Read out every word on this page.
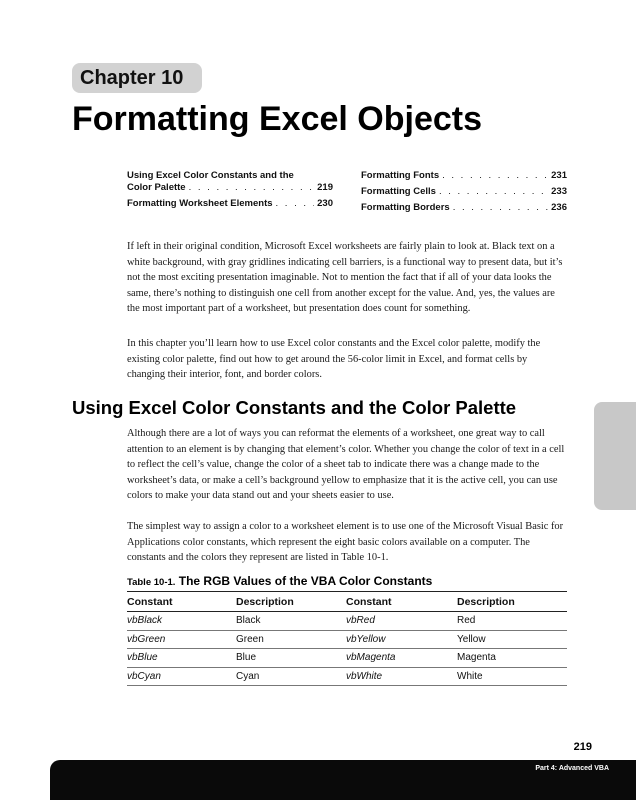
Chapter 10
Formatting Excel Objects
Using Excel Color Constants and the
Color Palette . . .	219
Formatting Worksheet Elements . . .	230
Formatting Fonts . . .	231
Formatting Cells . . .	233
Formatting Borders . . .	236

If left in their original condition, Microsoft Excel worksheets are fairly plain to look at. Black text on a white background, with gray gridlines indicating cell barriers, is a functional way to present data, but it’s not the most exciting presentation imaginable. Not to mention the fact that if all of your data looks the same, there’s nothing to distinguish one cell from another except for the value. And, yes, the values are the most important part of a worksheet, but presentation does count for something.

In this chapter you’ll learn how to use Excel color constants and the Excel color palette, modify the existing color palette, find out how to get around the 56-color limit in Excel, and format cells by changing their interior, font, and border colors.

Using Excel Color Constants and the Color Palette

Although there are a lot of ways you can reformat the elements of a worksheet, one great way to call attention to an element is by changing that element’s color. Whether you change the color of text in a cell to reflect the cell’s value, change the color of a sheet tab to indicate there was a change made to the worksheet’s data, or make a cell’s background yellow to emphasize that it is the active cell, you can use colors to make your data stand out and your sheets easier to use.

The simplest way to assign a color to a worksheet element is to use one of the Microsoft Visual Basic for Applications color constants, which represent the eight basic colors available on a computer. The constants and the colors they represent are listed in Table 10-1.

Table 10-1. The RGB Values of the VBA Color Constants
Constant	Description	Constant	Description
vbBlack	Black	vbRed	Red
vbGreen	Green	vbYellow	Yellow
vbBlue	Blue	vbMagenta	Magenta
vbCyan	Cyan	vbWhite	White
219
Part 4: Advanced VBA
